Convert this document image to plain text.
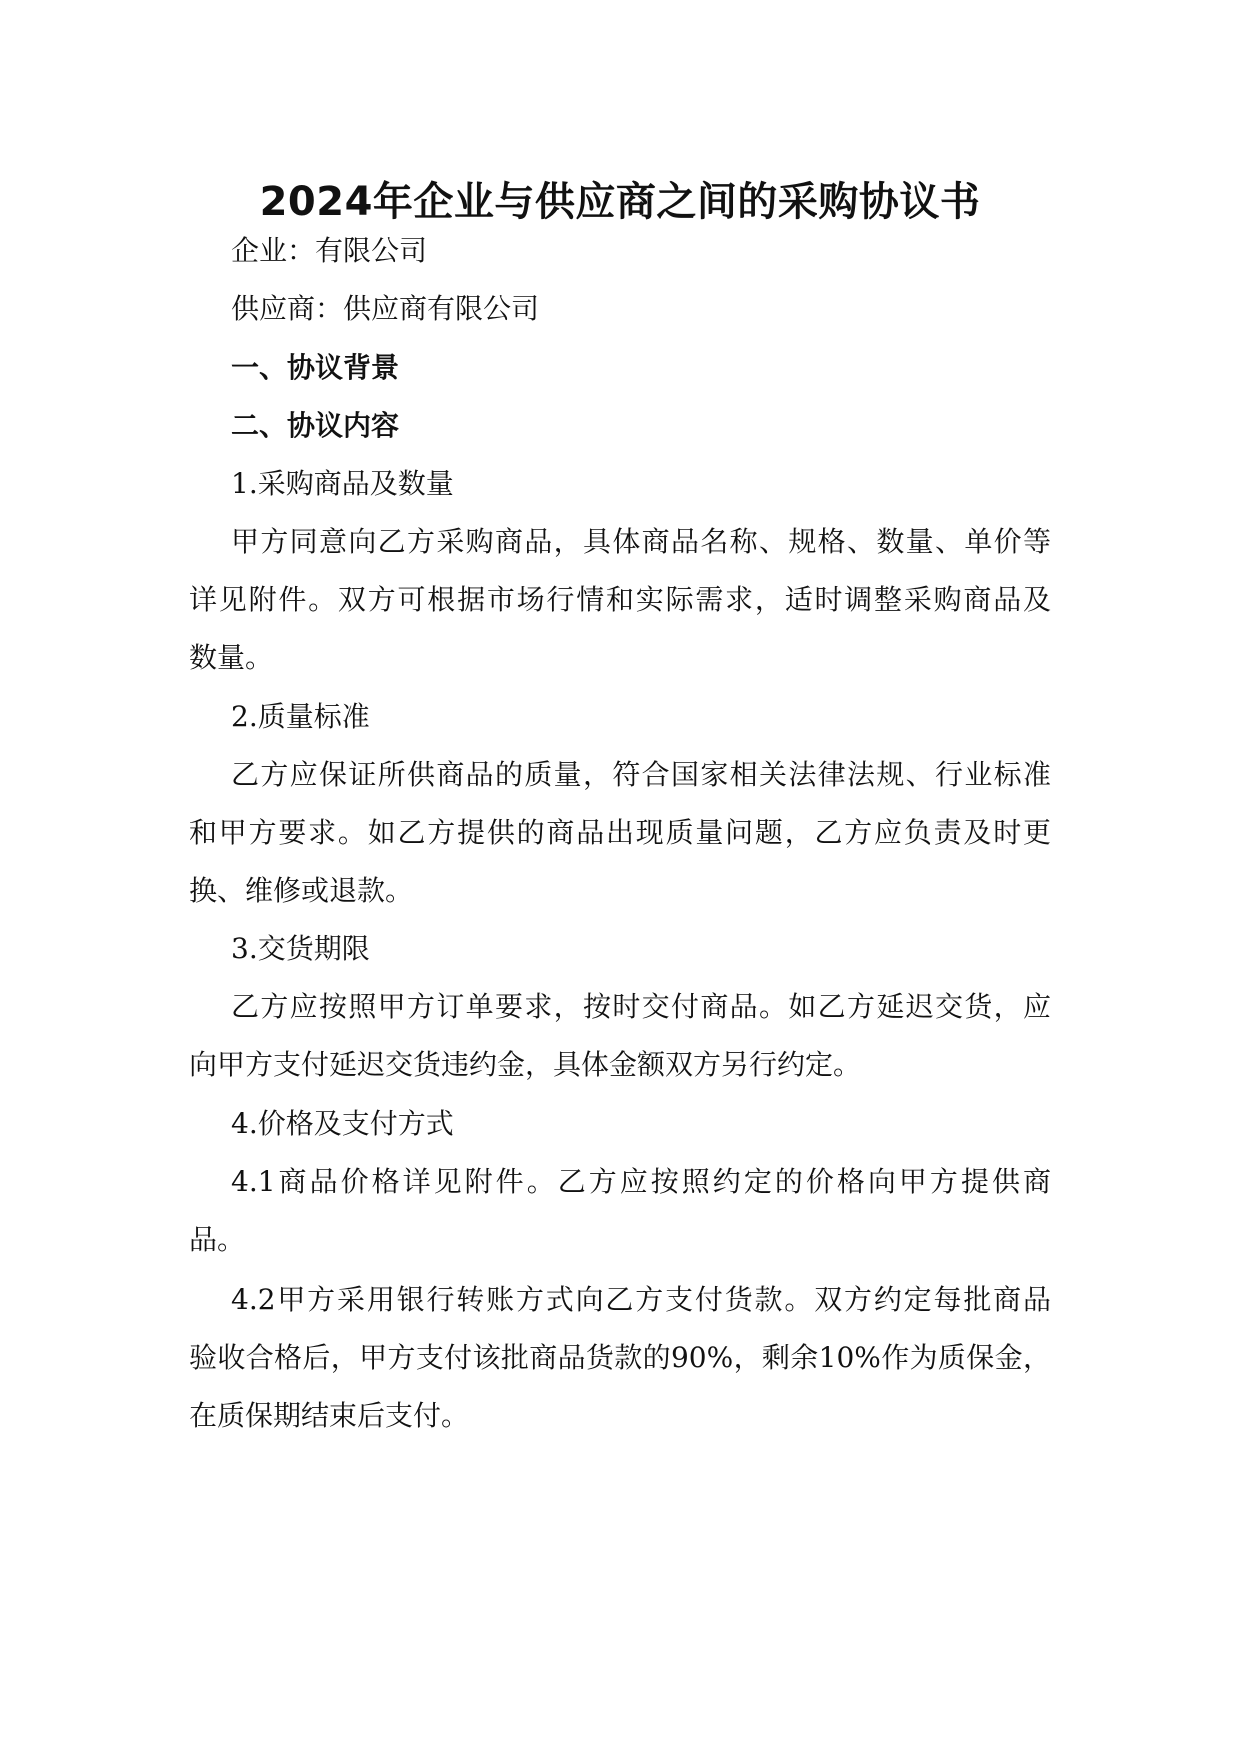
2024年企业与供应商之间的采购协议书
企业：有限公司
供应商：供应商有限公司
一、协议背景
二、协议内容
1.采购商品及数量
甲方同意向乙方采购商品，具体商品名称、规格、数量、单价等
详见附件。双方可根据市场行情和实际需求，适时调整采购商品及
数量。
2.质量标准
乙方应保证所供商品的质量，符合国家相关法律法规、行业标准
和甲方要求。如乙方提供的商品出现质量问题，乙方应负责及时更
换、维修或退款。
3.交货期限
乙方应按照甲方订单要求，按时交付商品。如乙方延迟交货，应
向甲方支付延迟交货违约金，具体金额双方另行约定。
4.价格及支付方式
4.1商品价格详见附件。乙方应按照约定的价格向甲方提供商
品。
4.2甲方采用银行转账方式向乙方支付货款。双方约定每批商品
验收合格后，甲方支付该批商品货款的90%，剩余10%作为质保金，
在质保期结束后支付。
